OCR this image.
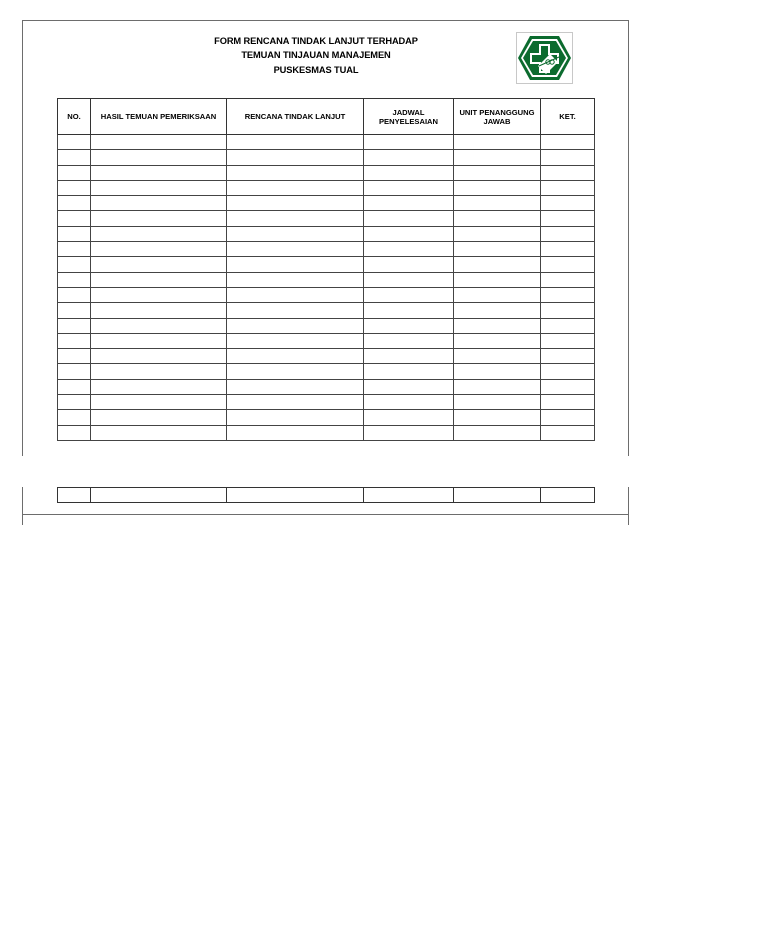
FORM RENCANA TINDAK LANJUT TERHADAP
TEMUAN TINJAUAN MANAJEMEN
PUSKESMAS TUAL
NO.	HASIL TEMUAN PEMERIKSAAN	RENCANA TINDAK LANJUT	JADWAL PENYELESAIAN	UNIT PENANGGUNG JAWAB	KET.
